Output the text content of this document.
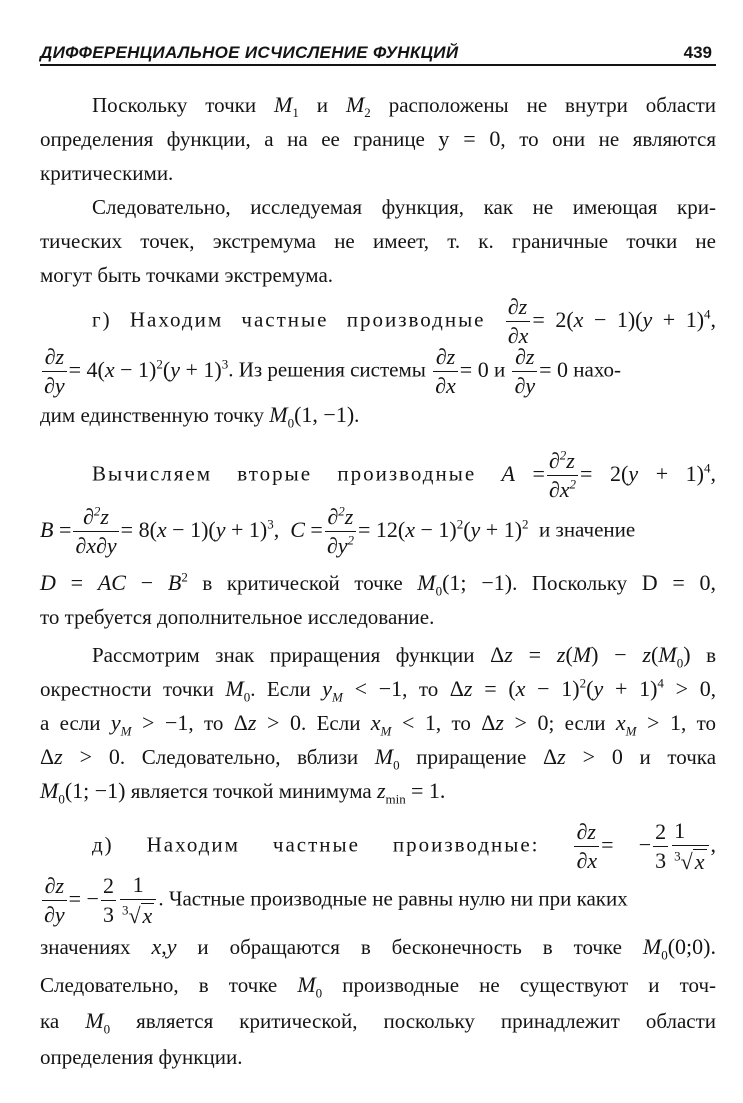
ДИФФЕРЕНЦИАЛЬНОЕ ИСЧИСЛЕНИЕ ФУНКЦИЙ	439
Поскольку точки $M_1$ и $M_2$ расположены не внутри области
определения функции, а на ее границе y = 0, то они не являются
критическими.
Следовательно, исследуемая функция, как не имеющая кри-
тических точек, экстремума не имеет, т. к. граничные точки не
могут быть точками экстремума.
г) Находим частные производные $\frac{\partial z}{\partial x} = 2(x - 1)(y + 1)^4$,
$\frac{\partial z}{\partial y} = 4(x - 1)^2(y + 1)^3$. Из решения системы $\frac{\partial z}{\partial x} = 0$ и $\frac{\partial z}{\partial y} = 0$ нахо-
дим единственную точку $M_0(1$, −1).
Вычисляем вторые производные $A = \frac{\partial^2z}{\partial x^2} = 2(y + 1)^4$,
$B = \frac{\partial^2z}{\partial x\partial y} = 8(x - 1)(y + 1)^3$,  $C = \frac{\partial^2z}{\partial y^2} = 12(x - 1)^2(y + 1)^2$ и значение
D = AC − $B^2$ в критической точке $M_0(1$; −1). Поскольку D = 0,
то требуется дополнительное исследование.
Рассмотрим знак приращения функции $\Delta z = z(M) - z(M_0)$ в
окрестности точки $M_0$. Если $y_M < -1$, то $\Delta z = (x - 1)^2(y + 1)^4 > 0$,
а если $y_M > -1$, то Δz > 0. Если $x_M < 1$, то Δz > 0; если $x_M > 1$, то
Δz > 0. Следовательно, вблизи $M_0$ приращение Δz > 0 и точка
$M_0(1$; −1) является точкой минимума $z_{min} = 1$.
д) Находим частные производные: $\frac{\partial z}{\partial x}$ = − $\frac{2}{3} \frac{1}{^3√x}$ ,
$\frac{\partial z}{\partial y}$ = − $\frac{2}{3} \frac{1}{^3√x}$ . Частные производные не равны нулю ни при каких
значениях x,y и обращаются в бесконечность в точке $M_0(0;0)$.
Следовательно, в точке $M_0$ производные не существуют и точ-
ка $M_0$ является критической, поскольку принадлежит области
определения функции.
